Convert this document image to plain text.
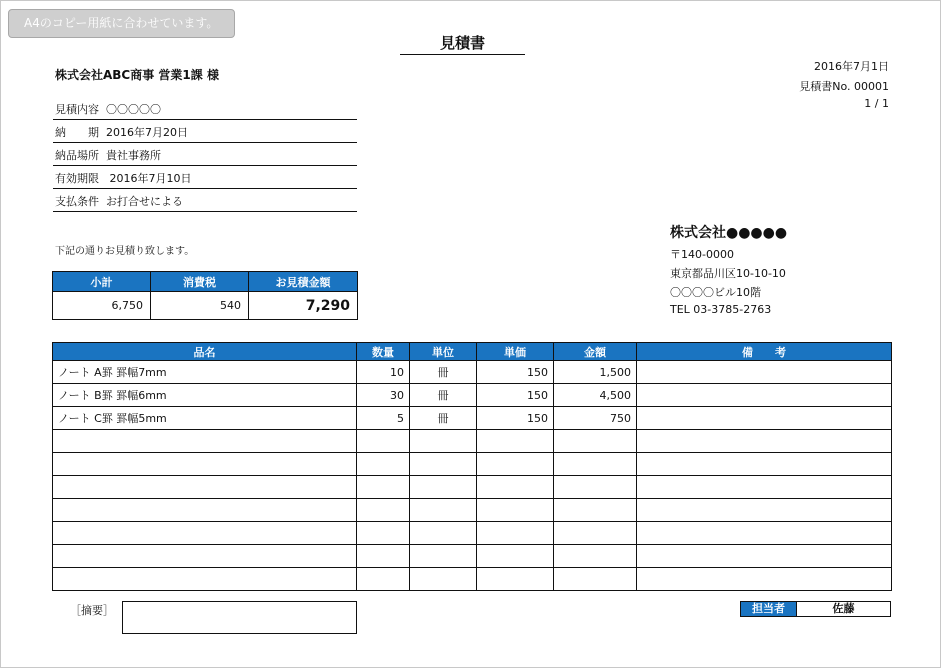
A4のコピー用紙に合わせています。
見積書
2016年7月1日
見積書No. 00001
1 / 1
株式会社ABC商事 営業1課 様
見積内容 〇〇〇〇〇
納　　期 2016年7月20日
納品場所 貴社事務所
有効期限   2016年7月10日
支払条件 お打合せによる
下記の通りお見積り致します。
小計	消費税	お見積金額
6,750	540	7,290
株式会社●●●●●
〒140-0000
東京都品川区10-10-10
〇〇〇〇ビル10階
TEL 03-3785-2763
品名	数量	単位	単価	金額	備　　考
ノート A罫 罫幅7mm	10	冊	150	1,500	
ノート B罫 罫幅6mm	30	冊	150	4,500	
ノート C罫 罫幅5mm	5	冊	150	750	

［摘要］	担当者	佐藤
